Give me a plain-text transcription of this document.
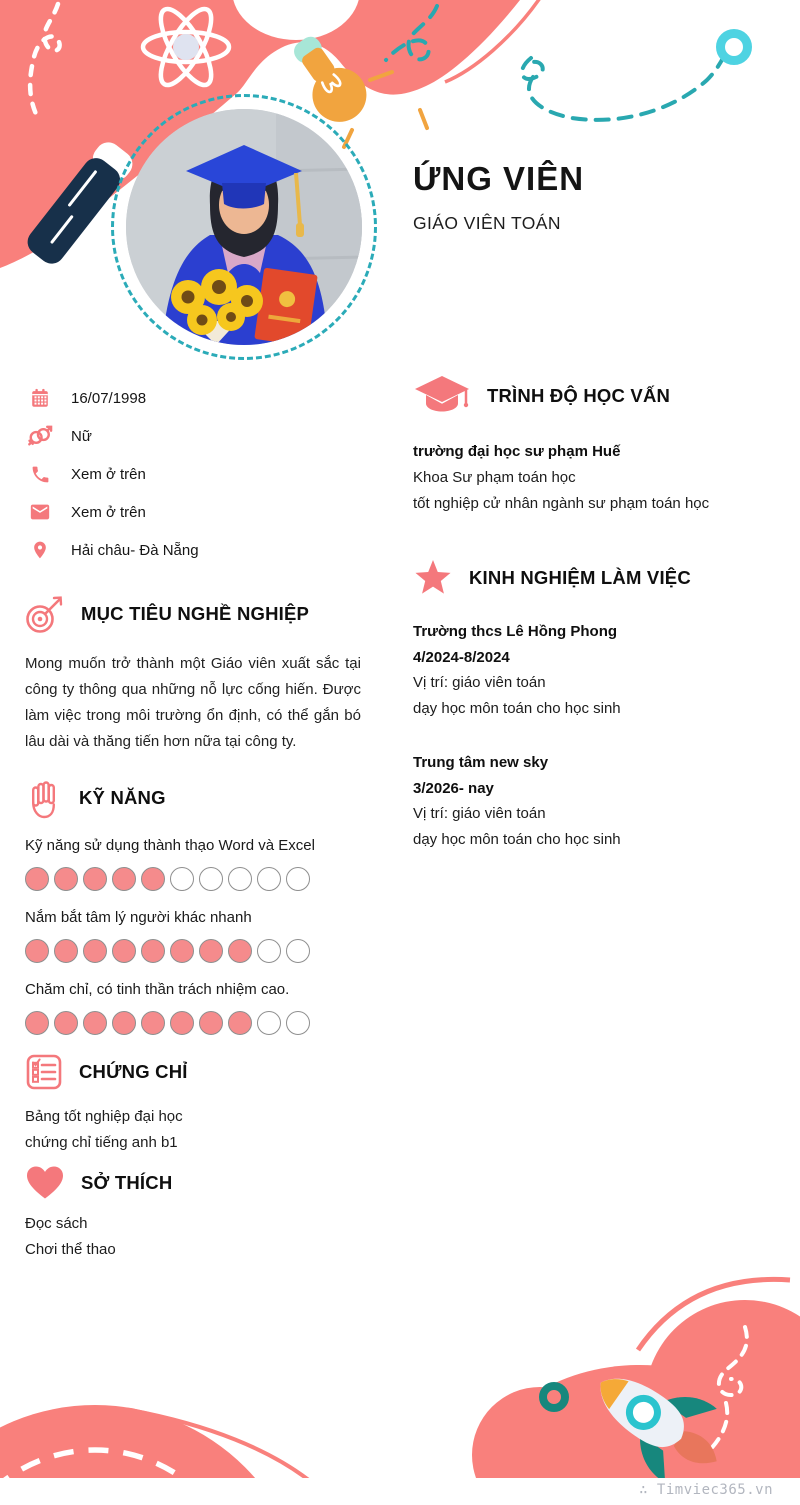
ỨNG VIÊN
GIÁO VIÊN TOÁN
16/07/1998
Nữ
Xem ở trên
Xem ở trên
Hải châu- Đà Nẵng
MỤC TIÊU NGHỀ NGHIỆP

Mong muốn trở thành một Giáo viên xuất sắc tại công ty thông qua những nỗ lực cống hiến. Được làm việc trong môi trường ổn định, có thể gắn bó lâu dài và thăng tiến hơn nữa tại công ty.

KỸ NĂNG
Kỹ năng sử dụng thành thạo Word và Excel
Nắm bắt tâm lý người khác nhanh
Chăm chỉ, có tinh thần trách nhiệm cao.
CHỨNG CHỈ

Bảng tốt nghiệp đại học

chứng chỉ tiếng anh b1

SỞ THÍCH

Đọc sách

Chơi thể thao

TRÌNH ĐỘ HỌC VẤN

trường đại học sư phạm Huế

Khoa Sư phạm toán học

tốt nghiệp cử nhân ngành sư phạm toán học

KINH NGHIỆM LÀM VIỆC

Trường thcs Lê Hồng Phong

4/2024-8/2024

Vị trí: giáo viên toán

dạy học môn toán cho học sinh

Trung tâm new sky

3/2026- nay

Vị trí: giáo viên toán

dạy học môn toán cho học sinh

∴ Timviec365.vn
